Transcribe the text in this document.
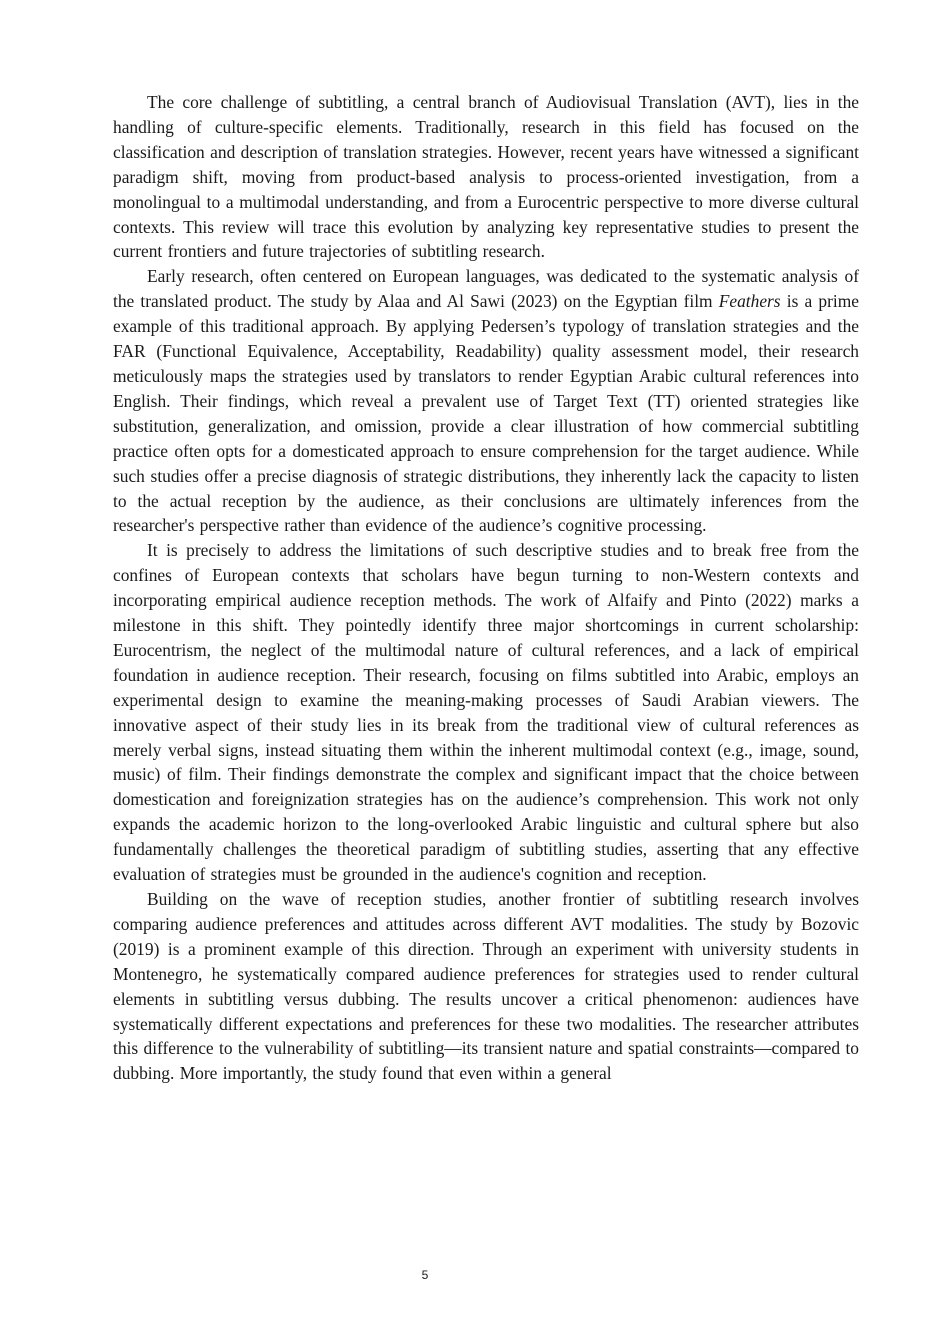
The core challenge of subtitling, a central branch of Audiovisual Translation (AVT), lies in the handling of culture-specific elements. Traditionally, research in this field has focused on the classification and description of translation strategies. However, recent years have witnessed a significant paradigm shift, moving from product-based analysis to process-oriented investigation, from a monolingual to a multimodal understanding, and from a Eurocentric perspective to more diverse cultural contexts. This review will trace this evolution by analyzing key representative studies to present the current frontiers and future trajectories of subtitling research.

Early research, often centered on European languages, was dedicated to the systematic analysis of the translated product. The study by Alaa and Al Sawi (2023) on the Egyptian film Feathers is a prime example of this traditional approach. By applying Pedersen’s typology of translation strategies and the FAR (Functional Equivalence, Acceptability, Readability) quality assessment model, their research meticulously maps the strategies used by translators to render Egyptian Arabic cultural references into English. Their findings, which reveal a prevalent use of Target Text (TT) oriented strategies like substitution, generalization, and omission, provide a clear illustration of how commercial subtitling practice often opts for a domesticated approach to ensure comprehension for the target audience. While such studies offer a precise diagnosis of strategic distributions, they inherently lack the capacity to listen to the actual reception by the audience, as their conclusions are ultimately inferences from the researcher's perspective rather than evidence of the audience’s cognitive processing.

It is precisely to address the limitations of such descriptive studies and to break free from the confines of European contexts that scholars have begun turning to non-Western contexts and incorporating empirical audience reception methods. The work of Alfaify and Pinto (2022) marks a milestone in this shift. They pointedly identify three major shortcomings in current scholarship: Eurocentrism, the neglect of the multimodal nature of cultural references, and a lack of empirical foundation in audience reception. Their research, focusing on films subtitled into Arabic, employs an experimental design to examine the meaning-making processes of Saudi Arabian viewers. The innovative aspect of their study lies in its break from the traditional view of cultural references as merely verbal signs, instead situating them within the inherent multimodal context (e.g., image, sound, music) of film. Their findings demonstrate the complex and significant impact that the choice between domestication and foreignization strategies has on the audience’s comprehension. This work not only expands the academic horizon to the long-overlooked Arabic linguistic and cultural sphere but also fundamentally challenges the theoretical paradigm of subtitling studies, asserting that any effective evaluation of strategies must be grounded in the audience's cognition and reception.

Building on the wave of reception studies, another frontier of subtitling research involves comparing audience preferences and attitudes across different AVT modalities. The study by Bozovic (2019) is a prominent example of this direction. Through an experiment with university students in Montenegro, he systematically compared audience preferences for strategies used to render cultural elements in subtitling versus dubbing. The results uncover a critical phenomenon: audiences have systematically different expectations and preferences for these two modalities. The researcher attributes this difference to the vulnerability of subtitling—its transient nature and spatial constraints—compared to dubbing. More importantly, the study found that even within a general

5
